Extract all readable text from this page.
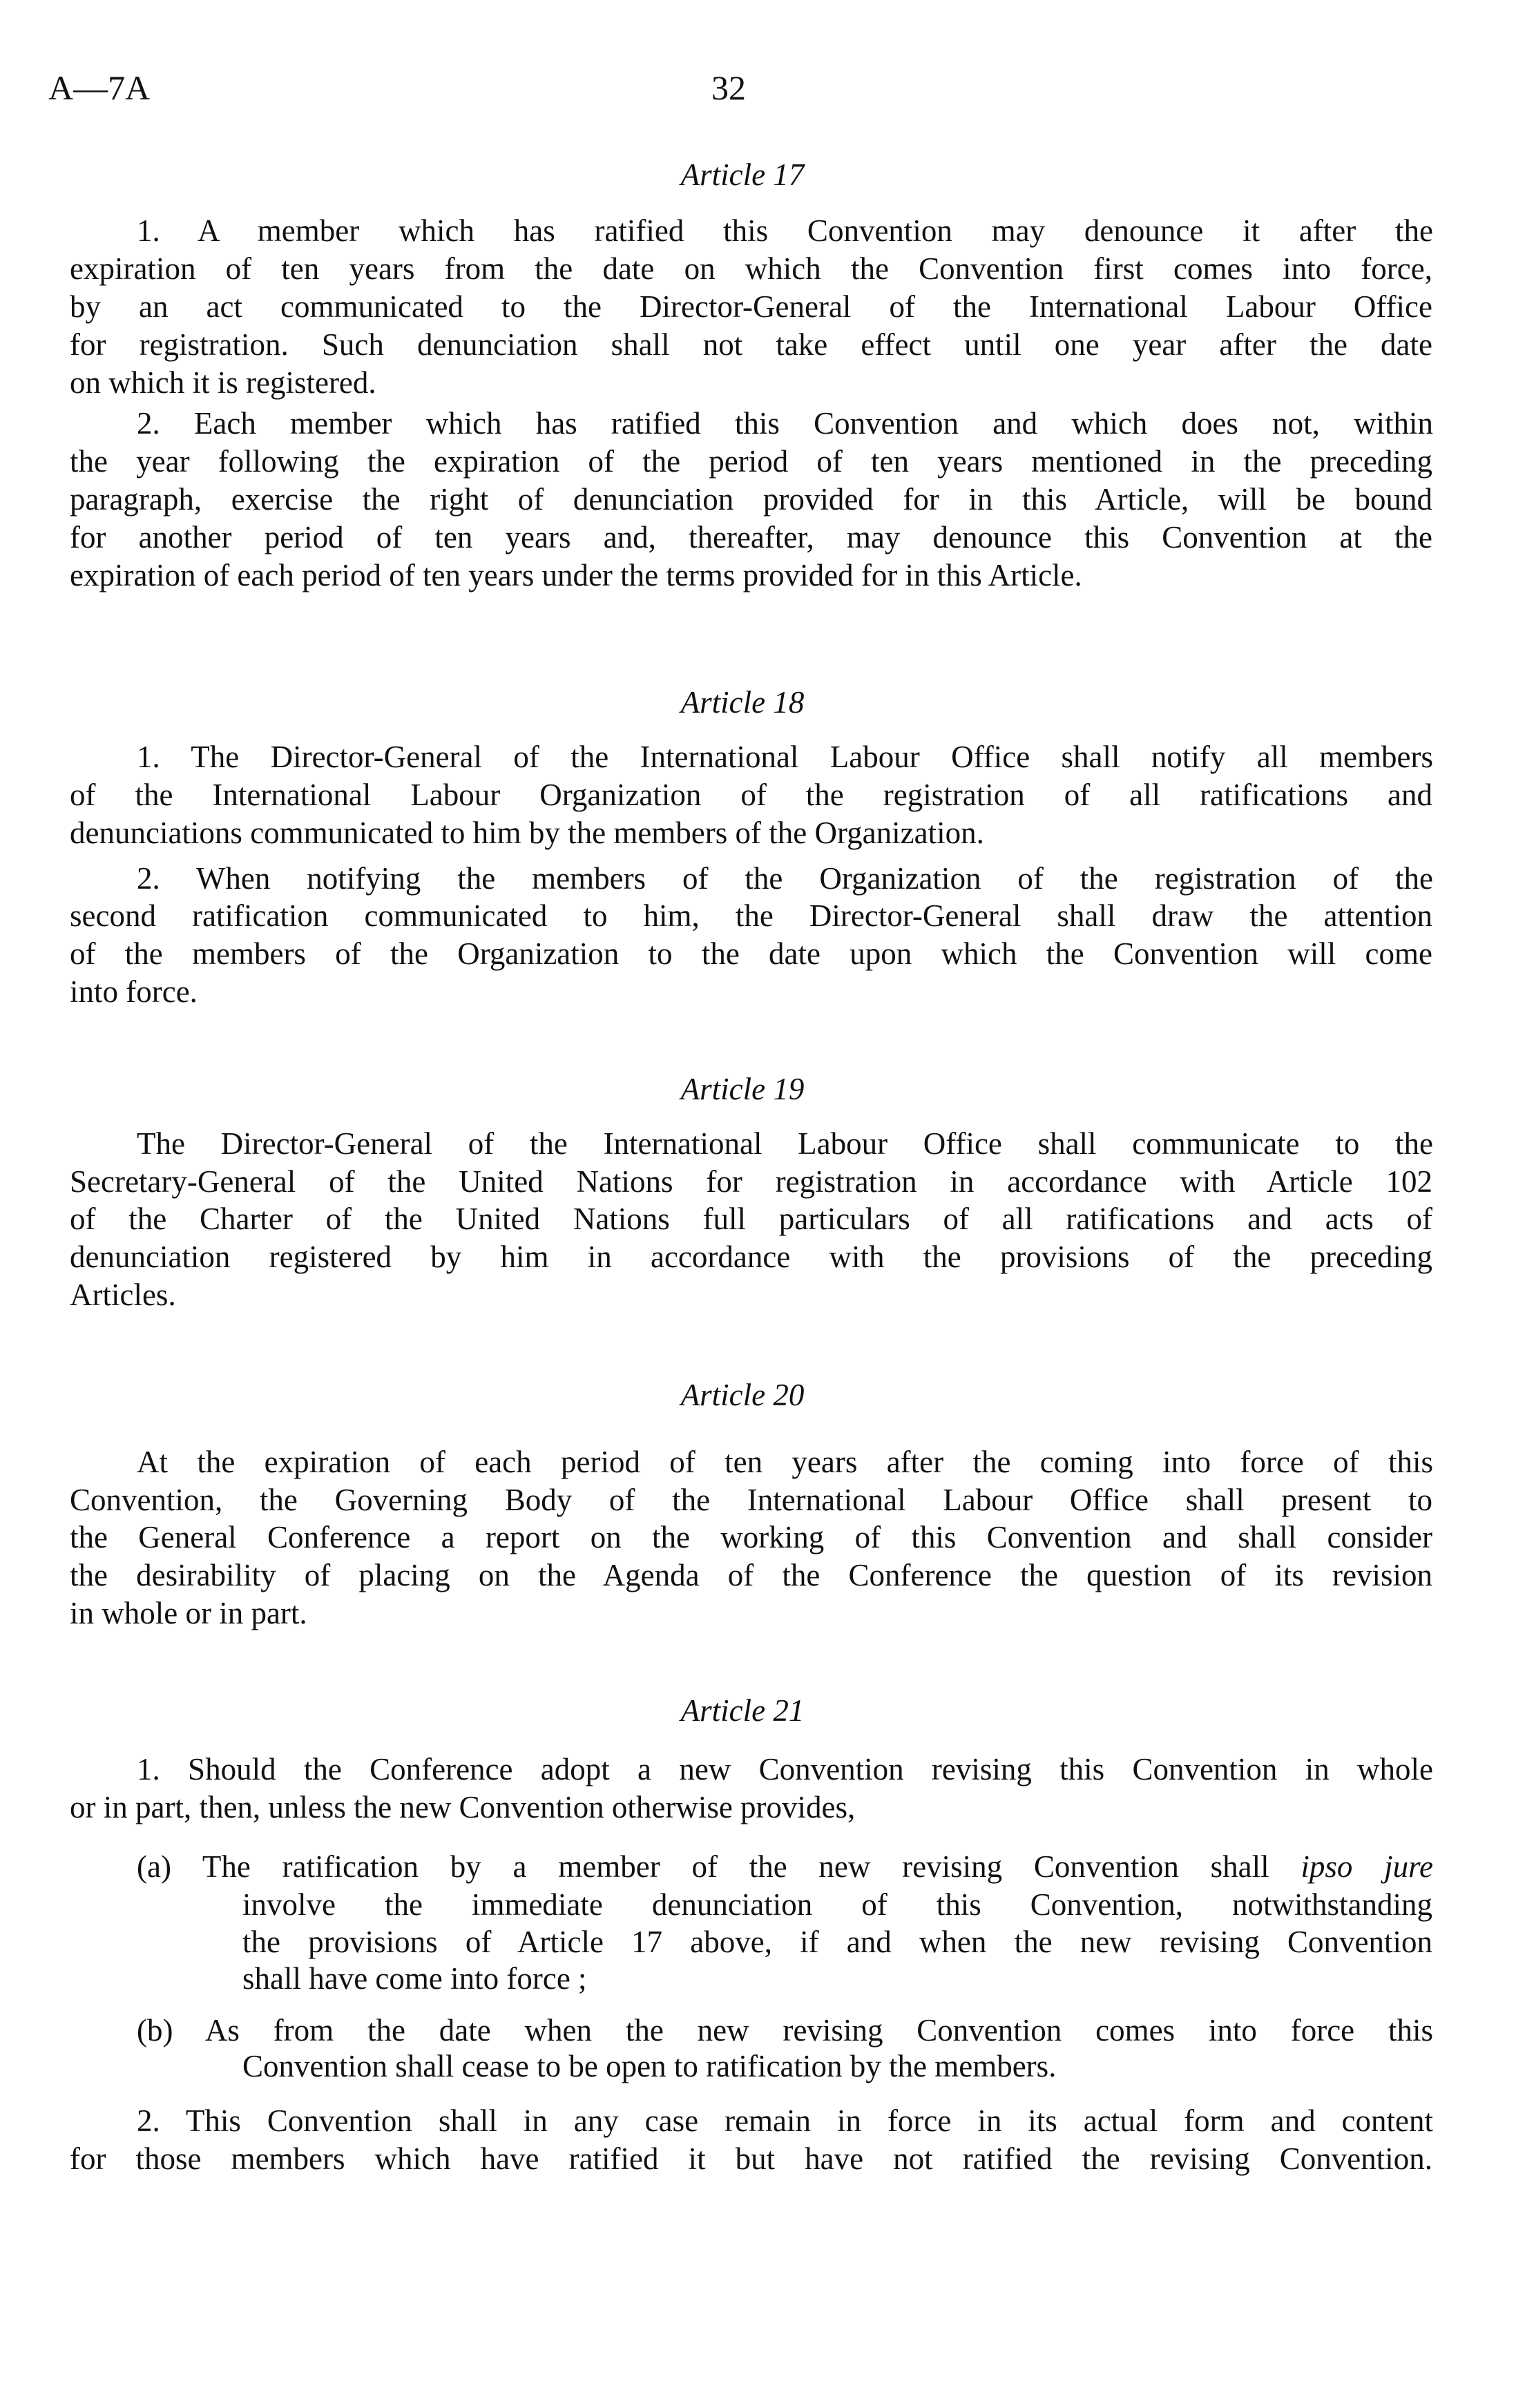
A—7A	32
Article 17
1. A member which has ratified this Convention may denounce it after the
expiration of ten years from the date on which the Convention first comes into force,
by an act communicated to the Director-General of the International Labour Office
for registration. Such denunciation shall not take effect until one year after the date
on which it is registered.
2. Each member which has ratified this Convention and which does not, within
the year following the expiration of the period of ten years mentioned in the preceding
paragraph, exercise the right of denunciation provided for in this Article, will be bound
for another period of ten years and, thereafter, may denounce this Convention at the
expiration of each period of ten years under the terms provided for in this Article.
Article 18
1. The Director-General of the International Labour Office shall notify all members
of the International Labour Organization of the registration of all ratifications and
denunciations communicated to him by the members of the Organization.
2. When notifying the members of the Organization of the registration of the
second ratification communicated to him, the Director-General shall draw the attention
of the members of the Organization to the date upon which the Convention will come
into force.
Article 19
The Director-General of the International Labour Office shall communicate to the
Secretary-General of the United Nations for registration in accordance with Article 102
of the Charter of the United Nations full particulars of all ratifications and acts of
denunciation registered by him in accordance with the provisions of the preceding
Articles.
Article 20
At the expiration of each period of ten years after the coming into force of this
Convention, the Governing Body of the International Labour Office shall present to
the General Conference a report on the working of this Convention and shall consider
the desirability of placing on the Agenda of the Conference the question of its revision
in whole or in part.
Article 21
1. Should the Conference adopt a new Convention revising this Convention in whole
or in part, then, unless the new Convention otherwise provides,
(a) The ratification by a member of the new revising Convention shall ipso jure
involve the immediate denunciation of this Convention, notwithstanding
the provisions of Article 17 above, if and when the new revising Convention
shall have come into force ;
(b) As from the date when the new revising Convention comes into force this
Convention shall cease to be open to ratification by the members.
2. This Convention shall in any case remain in force in its actual form and content
for those members which have ratified it but have not ratified the revising Convention.
